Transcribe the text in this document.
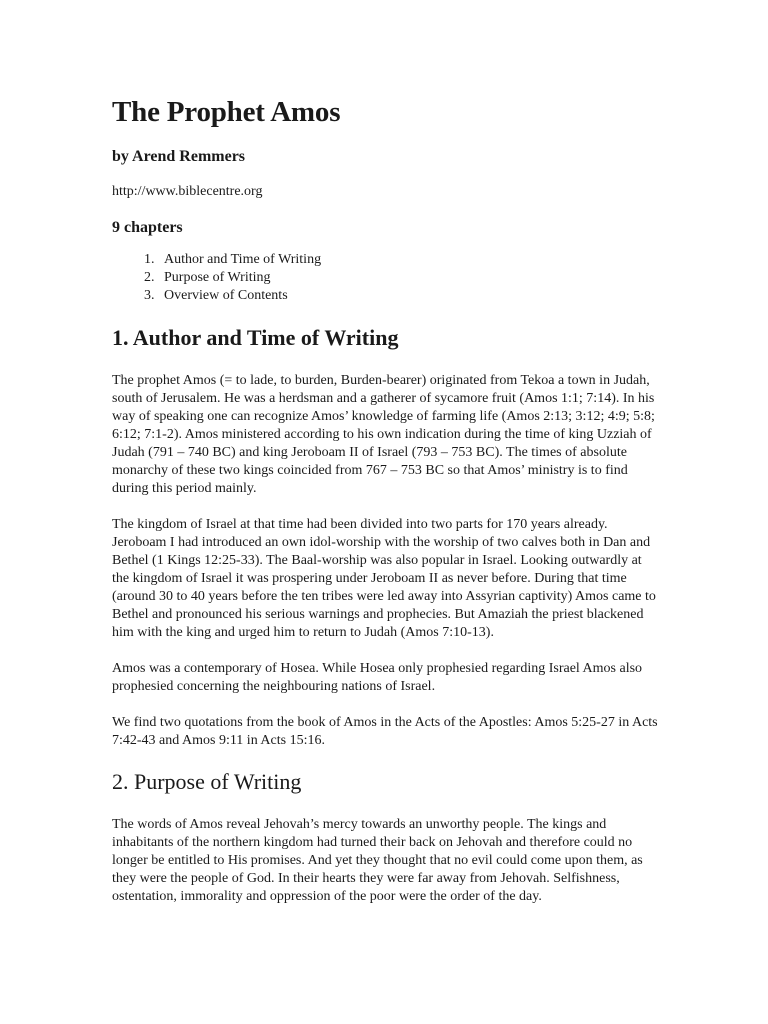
The Prophet Amos

by Arend Remmers

http://www.biblecentre.org

9 chapters

1. Author and Time of Writing
2. Purpose of Writing
3. Overview of Contents
1. Author and Time of Writing

The prophet Amos (= to lade, to burden, Burden-bearer) originated from Tekoa a town in Judah, south of Jerusalem. He was a herdsman and a gatherer of sycamore fruit (Amos 1:1; 7:14). In his way of speaking one can recognize Amos’ knowledge of farming life (Amos 2:13; 3:12; 4:9; 5:8; 6:12; 7:1-2). Amos ministered according to his own indication during the time of king Uzziah of Judah (791 – 740 BC) and king Jeroboam II of Israel (793 – 753 BC). The times of absolute monarchy of these two kings coincided from 767 – 753 BC so that Amos’ ministry is to find during this period mainly.

The kingdom of Israel at that time had been divided into two parts for 170 years already. Jeroboam I had introduced an own idol-worship with the worship of two calves both in Dan and Bethel (1 Kings 12:25-33). The Baal-worship was also popular in Israel. Looking outwardly at the kingdom of Israel it was prospering under Jeroboam II as never before. During that time (around 30 to 40 years before the ten tribes were led away into Assyrian captivity) Amos came to Bethel and pronounced his serious warnings and prophecies. But Amaziah the priest blackened him with the king and urged him to return to Judah (Amos 7:10-13).

Amos was a contemporary of Hosea. While Hosea only prophesied regarding Israel Amos also prophesied concerning the neighbouring nations of Israel.

We find two quotations from the book of Amos in the Acts of the Apostles: Amos 5:25-27 in Acts 7:42-43 and Amos 9:11 in Acts 15:16.

2. Purpose of Writing

The words of Amos reveal Jehovah’s mercy towards an unworthy people. The kings and inhabitants of the northern kingdom had turned their back on Jehovah and therefore could no longer be entitled to His promises. And yet they thought that no evil could come upon them, as they were the people of God. In their hearts they were far away from Jehovah. Selfishness, ostentation, immorality and oppression of the poor were the order of the day.
